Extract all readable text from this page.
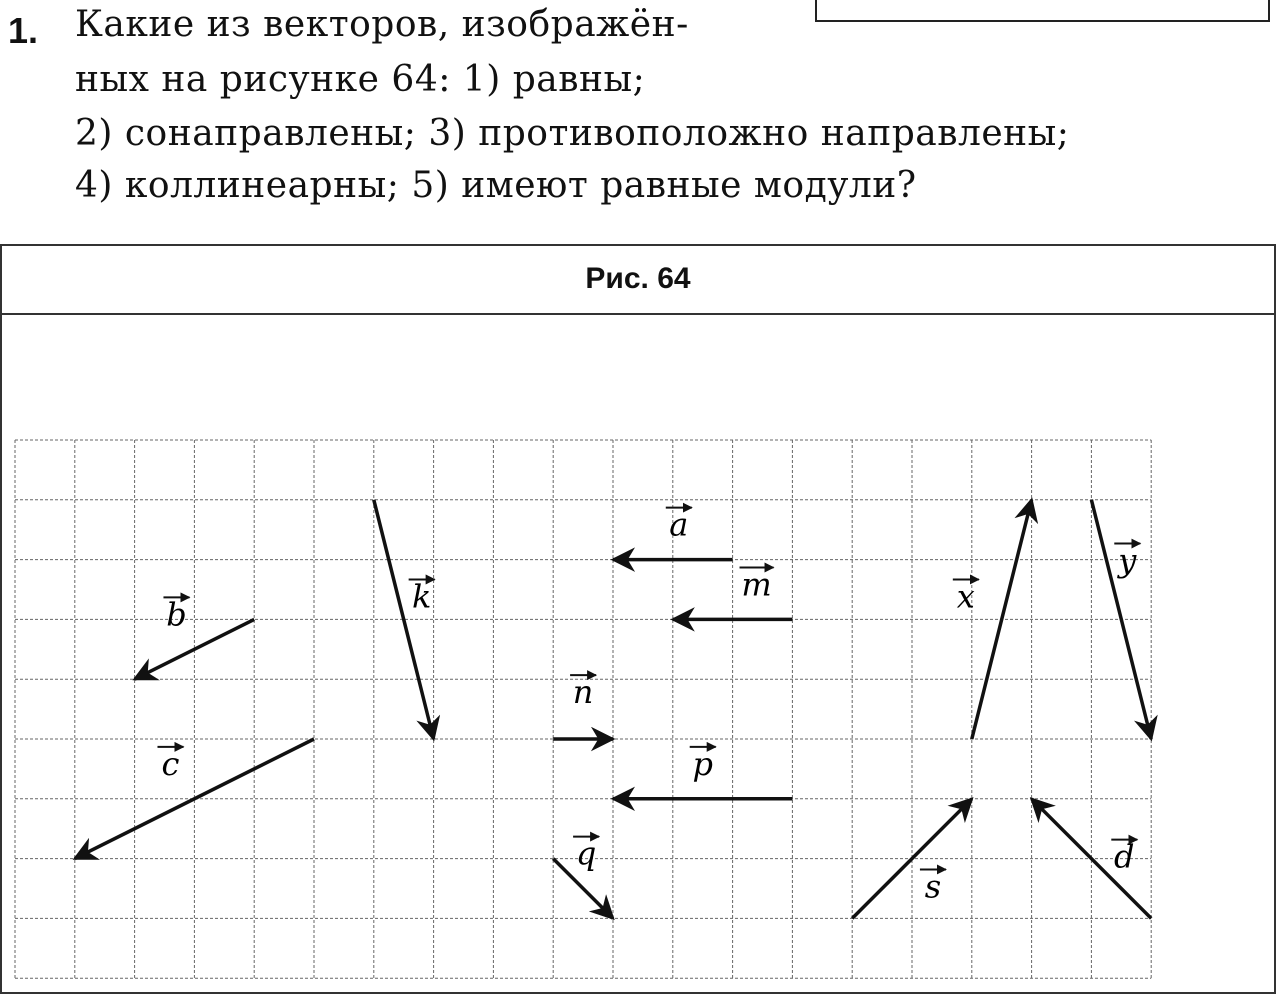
1. Какие из векторов, изображён-
ных на рисунке 64: 1) равны;
2) сонаправлены; 3) противоположно направлены;
4) коллинеарны; 5) имеют равные модули?
Рис. 64
a
m
b	k
c
n
p
q
x
y
s
d
